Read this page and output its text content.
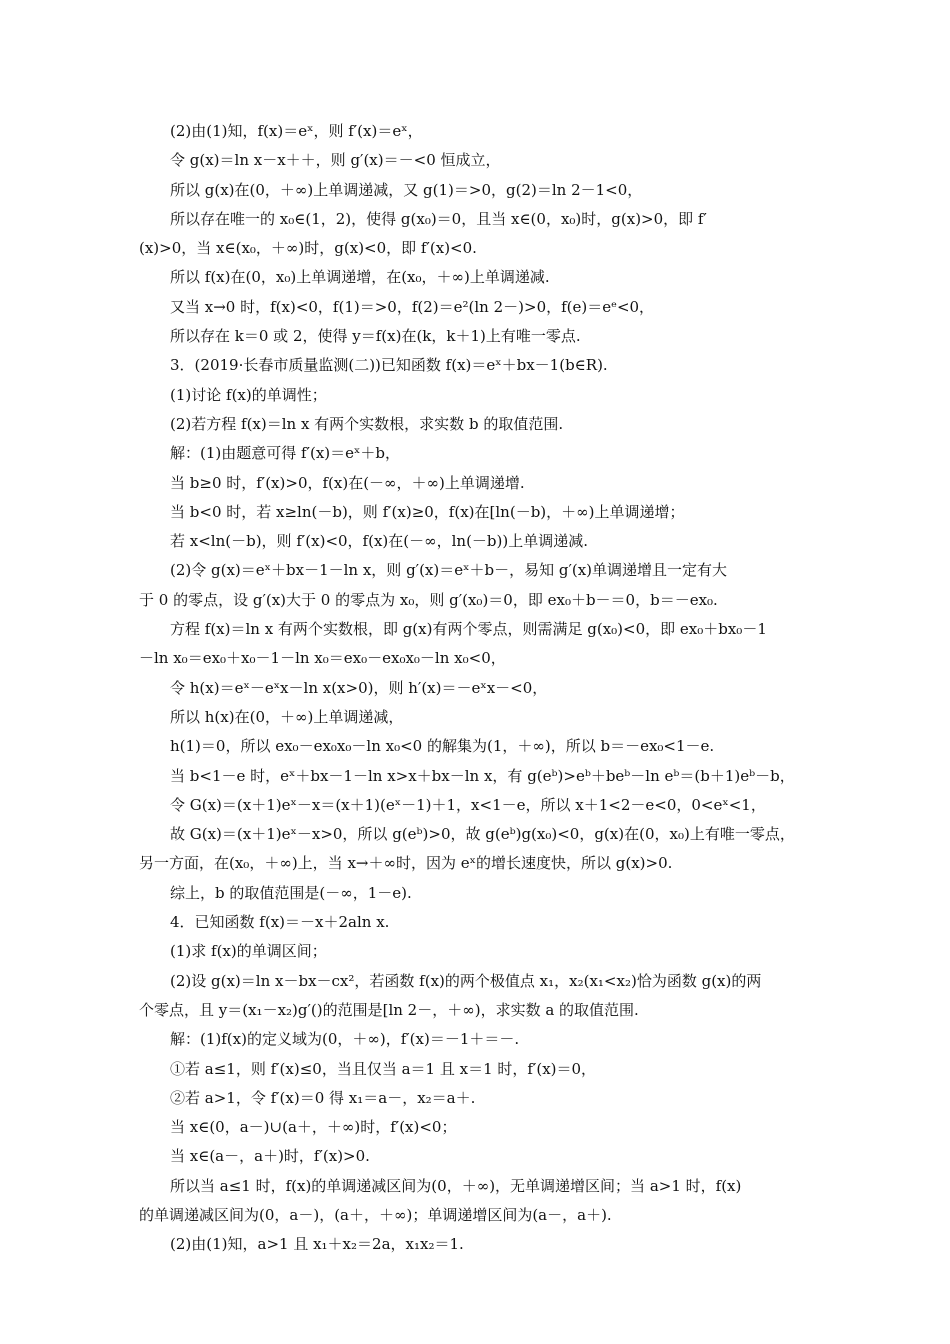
(2)由(1)知，f(x)＝eˣ，则 f′(x)＝eˣ，
令 g(x)＝ln x－x＋＋，则 g′(x)＝－<0 恒成立，
所以 g(x)在(0，＋∞)上单调递减，又 g(1)＝>0，g(2)＝ln 2－1<0，
所以存在唯一的 x₀∈(1，2)，使得 g(x₀)＝0，且当 x∈(0，x₀)时，g(x)>0，即 f′
(x)>0，当 x∈(x₀，＋∞)时，g(x)<0，即 f′(x)<0.
所以 f(x)在(0，x₀)上单调递增，在(x₀，＋∞)上单调递减.
又当 x→0 时，f(x)<0，f(1)＝>0，f(2)＝e²(ln 2－)>0，f(e)＝eᵉ<0，
所以存在 k＝0 或 2，使得 y＝f(x)在(k，k＋1)上有唯一零点.
3．(2019·长春市质量监测(二))已知函数 f(x)＝eˣ＋bx－1(b∈R).
(1)讨论 f(x)的单调性；
(2)若方程 f(x)＝ln x 有两个实数根，求实数 b 的取值范围.
解：(1)由题意可得 f′(x)＝eˣ＋b，
当 b≥0 时，f′(x)>0，f(x)在(－∞，＋∞)上单调递增.
当 b<0 时，若 x≥ln(－b)，则 f′(x)≥0，f(x)在[ln(－b)，＋∞)上单调递增；
若 x<ln(－b)，则 f′(x)<0，f(x)在(－∞，ln(－b))上单调递减.
(2)令 g(x)＝eˣ＋bx－1－ln x，则 g′(x)＝eˣ＋b－，易知 g′(x)单调递增且一定有大
于 0 的零点，设 g′(x)大于 0 的零点为 x₀，则 g′(x₀)＝0，即 ex₀＋b－＝0，b＝－ex₀.
方程 f(x)＝ln x 有两个实数根，即 g(x)有两个零点，则需满足 g(x₀)<0，即 ex₀＋bx₀－1
－ln x₀＝ex₀＋x₀－1－ln x₀＝ex₀－ex₀x₀－ln x₀<0，
令 h(x)＝eˣ－eˣx－ln x(x>0)，则 h′(x)＝－eˣx－<0，
所以 h(x)在(0，＋∞)上单调递减，
h(1)＝0，所以 ex₀－ex₀x₀－ln x₀<0 的解集为(1，＋∞)，所以 b＝－ex₀<1－e.
当 b<1－e 时，eˣ＋bx－1－ln x>x＋bx－ln x，有 g(eᵇ)>eᵇ＋beᵇ－ln eᵇ＝(b＋1)eᵇ－b，
令 G(x)＝(x＋1)eˣ－x＝(x＋1)(eˣ－1)＋1，x<1－e，所以 x＋1<2－e<0，0<eˣ<1，
故 G(x)＝(x＋1)eˣ－x>0，所以 g(eᵇ)>0，故 g(eᵇ)g(x₀)<0，g(x)在(0，x₀)上有唯一零点，
另一方面，在(x₀，＋∞)上，当 x→＋∞时，因为 eˣ的增长速度快，所以 g(x)>0.
综上，b 的取值范围是(－∞，1－e).
4．已知函数 f(x)＝－x＋2aln x.
(1)求 f(x)的单调区间；
(2)设 g(x)＝ln x－bx－cx²，若函数 f(x)的两个极值点 x₁，x₂(x₁<x₂)恰为函数 g(x)的两
个零点，且 y＝(x₁－x₂)g′()的范围是[ln 2－，＋∞)，求实数 a 的取值范围.
解：(1)f(x)的定义域为(0，＋∞)，f′(x)＝－1＋＝－.
①若 a≤1，则 f′(x)≤0，当且仅当 a＝1 且 x＝1 时，f′(x)＝0，
②若 a>1，令 f′(x)＝0 得 x₁＝a－，x₂＝a＋.
当 x∈(0，a－)∪(a＋，＋∞)时，f′(x)<0；
当 x∈(a－，a＋)时，f′(x)>0.
所以当 a≤1 时，f(x)的单调递减区间为(0，＋∞)，无单调递增区间；当 a>1 时，f(x)
的单调递减区间为(0，a－)，(a＋，＋∞)；单调递增区间为(a－，a＋).
(2)由(1)知，a>1 且 x₁＋x₂＝2a，x₁x₂＝1.
